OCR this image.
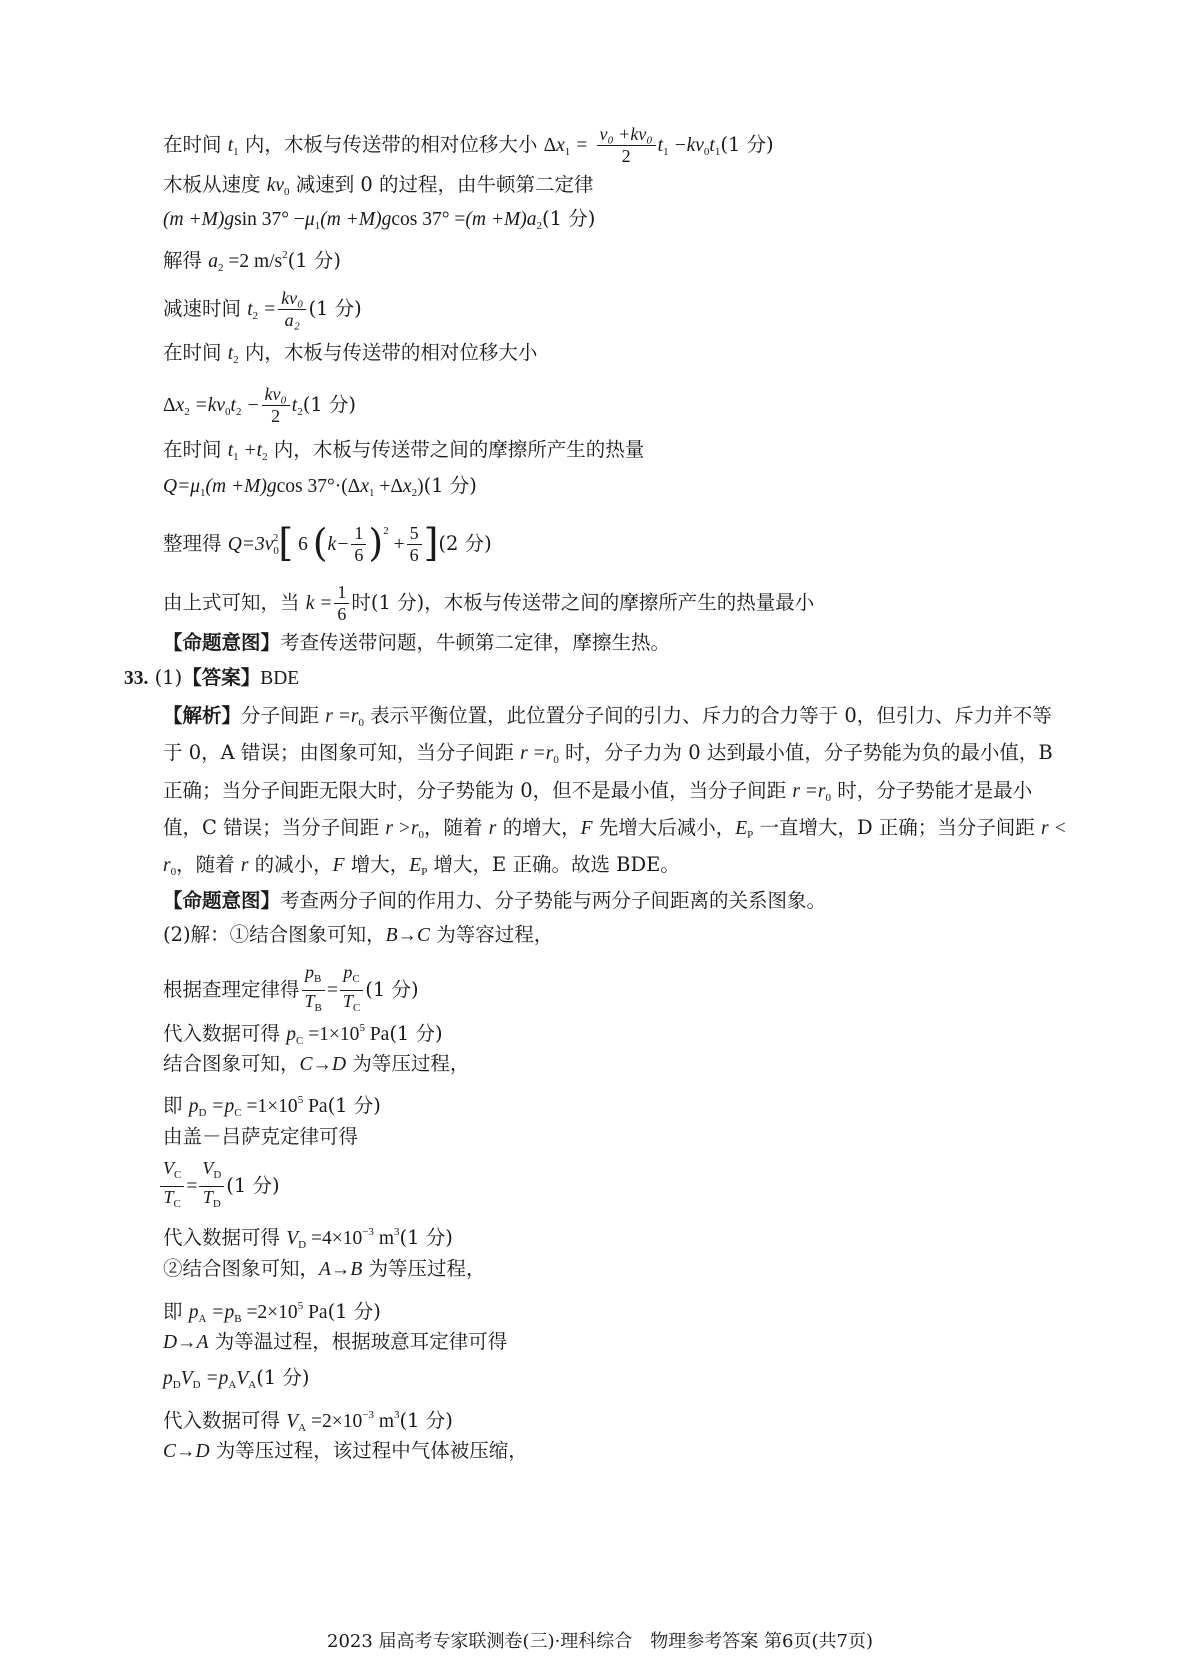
在时间 $t_1$ 内，木板与传送带的相对位移大小 $\Delta x_1 = \frac{\text{v₀ +kv₀}}{2} t_1 -kv_0t_1(1$ 分)
木板从速度 $kv_0$ 减速到 0 的过程，由牛顿第二定律
(m +M)gsin $37^\circ -\mu_1(m +M)gcos$ $37^\circ =(m +M)a_2(1$ 分)
解得 $a_2 =2$ $m/s^2(1$ 分)
减速时间 $t_2 = \frac{\text{kv₀}}{\text{a₂}} (1$ 分)
在时间 $t_2$ 内，木板与传送带的相对位移大小
$\Delta x_2 =kv_0t_2 - \frac{\text{kv₀}}{2} t_2(1$ 分)
在时间 $t_1 +t_2$ 内，木板与传送带之间的摩擦所产生的热量
$Q=\mu_1(m +M)gcos$ $37^\circ\cdot(\Delta x_1 +\Delta x_2)(1$ 分)
整理得 $Q=3v_0^2$[ 6 $(k- \frac{1}{6} )^2 + \frac{5}{6} ](2$ 分)
由上式可知，当 $k = \frac{1}{6}$ 时(1 分)，木板与传送带之间的摩擦所产生的热量最小
【命题意图】考查传送带问题，牛顿第二定律，摩擦生热。
33. (1)【答案】BDE
【解析】分子间距 $r =r_0$ 表示平衡位置，此位置分子间的引力、斥力的合力等于 0，但引力、斥力并不等
于 0，A 错误；由图象可知，当分子间距 $r =r_0$ 时，分子力为 0 达到最小值，分子势能为负的最小值，B
正确；当分子间距无限大时，分子势能为 0，但不是最小值，当分子间距 $r =r_0$ 时，分子势能才是最小
值，C 错误；当分子间距 $r >r_0$，随着 r 的增大，F 先增大后减小，$E_P$ 一直增大，D 正确；当分子间距 r <
$r_0$，随着 r 的减小，F 增大，$E_P$ 增大，E 正确。故选 BDE。
【命题意图】考查两分子间的作用力、分子势能与两分子间距离的关系图象。
(2)解：①结合图象可知，B→C 为等容过程，
根据查理定律得 $\frac{p_B}{T_B} = \frac{p_C}{T_C} (1$ 分)
代入数据可得 $p_C =1\times 10^5$ Pa(1 分)
结合图象可知，C→D 为等压过程，
即 $p_D =p_C =1\times 10^5$ Pa(1 分)
由盖－吕萨克定律可得
$\frac{V_C}{T_C} = \frac{V_D}{T_D} (1$ 分)
代入数据可得 $V_D =4\times 10^{-3}$ $m^3(1$ 分)
②结合图象可知，A→B 为等压过程，
即 $p_A =p_B =2\times 10^5$ Pa(1 分)
D→A 为等温过程，根据玻意耳定律可得
$p_DV_D =p_AV_A(1$ 分)
代入数据可得 $V_A =2\times 10^{-3}$ $m^3(1$ 分)
C→D 为等压过程，该过程中气体被压缩，
2023 届高考专家联测卷(三)·理科综合　物理参考答案 第6页(共7页)
